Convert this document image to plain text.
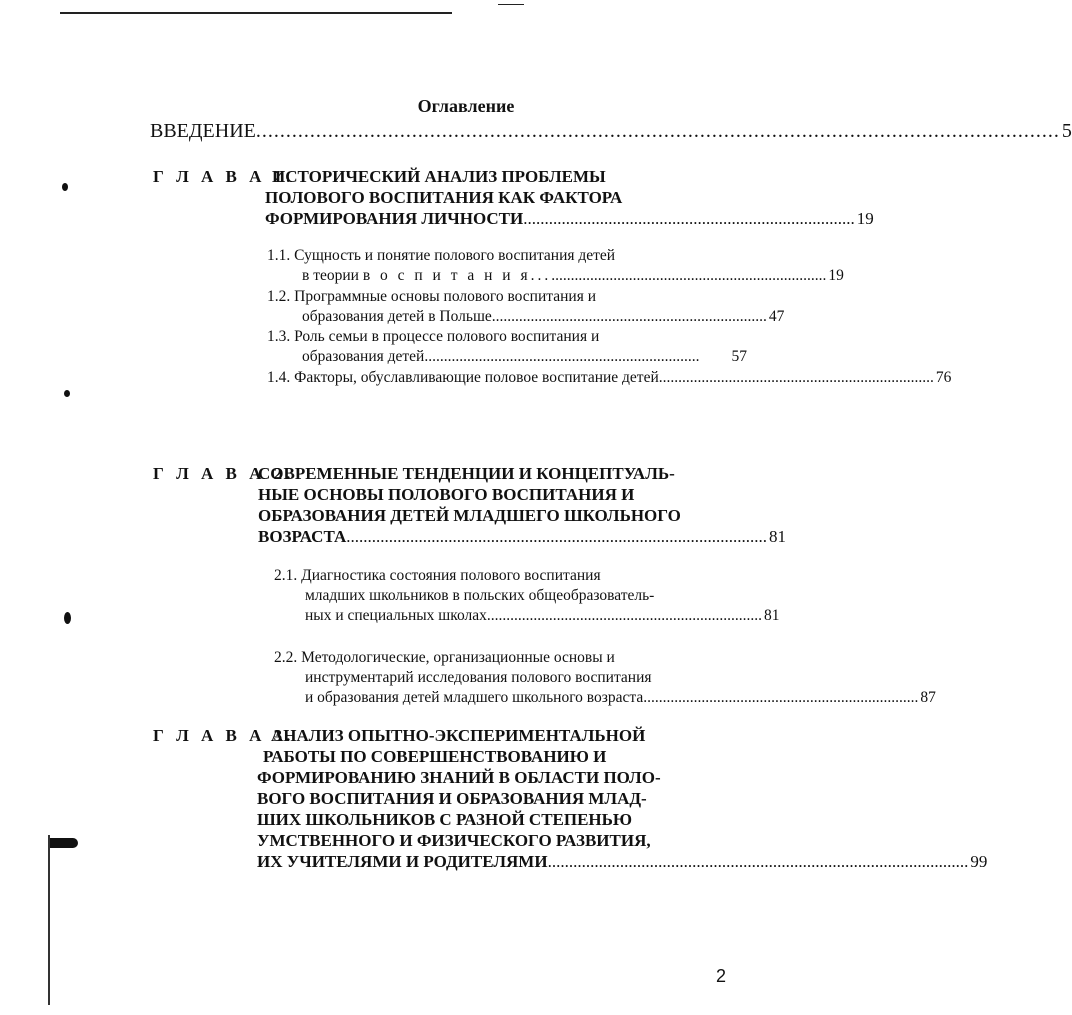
Оглавление
ВВЕДЕНИЕ ...................................................................................................................................... 5
Г Л А В А 1.
ИСТОРИЧЕСКИЙ АНАЛИЗ ПРОБЛЕМЫ
ПОЛОВОГО ВОСПИТАНИЯ КАК ФАКТОРА
ФОРМИРОВАНИЯ ЛИЧНОСТИ .............................................................................. 19
1.1. Сущность и понятие полового воспитания детей
в теории
в о с п и т а н и я... ....................................................................... 19
1.2. Программные основы полового воспитания и
образования детей в Польше ....................................................................... 47
1.3. Роль семьи в процессе полового воспитания и
образования детей .......................................................................	57
1.4. Факторы, обуславливающие половое воспитание детей ....................................................................... 76
Г Л А В А 2.
СОВРЕМЕННЫЕ ТЕНДЕНЦИИ И КОНЦЕПТУАЛЬ-
НЫЕ ОСНОВЫ ПОЛОВОГО ВОСПИТАНИЯ И
ОБРАЗОВАНИЯ ДЕТЕЙ МЛАДШЕГО ШКОЛЬНОГО
ВОЗРАСТА ................................................................................................... 81
2.1. Диагностика состояния полового воспитания
младших школьников в польских общеобразователь-
ных и специальных школах ....................................................................... 81
2.2. Методологические, организационные основы и
инструментарий исследования полового воспитания
и образования детей младшего школьного возраста ....................................................................... 87
Г Л А В А 3.
АНАЛИЗ ОПЫТНО-ЭКСПЕРИМЕНТАЛЬНОЙ
РАБОТЫ ПО СОВЕРШЕНСТВОВАНИЮ И
ФОРМИРОВАНИЮ ЗНАНИЙ В ОБЛАСТИ ПОЛО-
ВОГО ВОСПИТАНИЯ И ОБРАЗОВАНИЯ МЛАД-
ШИХ ШКОЛЬНИКОВ С РАЗНОЙ СТЕПЕНЬЮ
УМСТВЕННОГО И ФИЗИЧЕСКОГО РАЗВИТИЯ,
ИХ УЧИТЕЛЯМИ И РОДИТЕЛЯМИ ................................................................................................... 99
2
